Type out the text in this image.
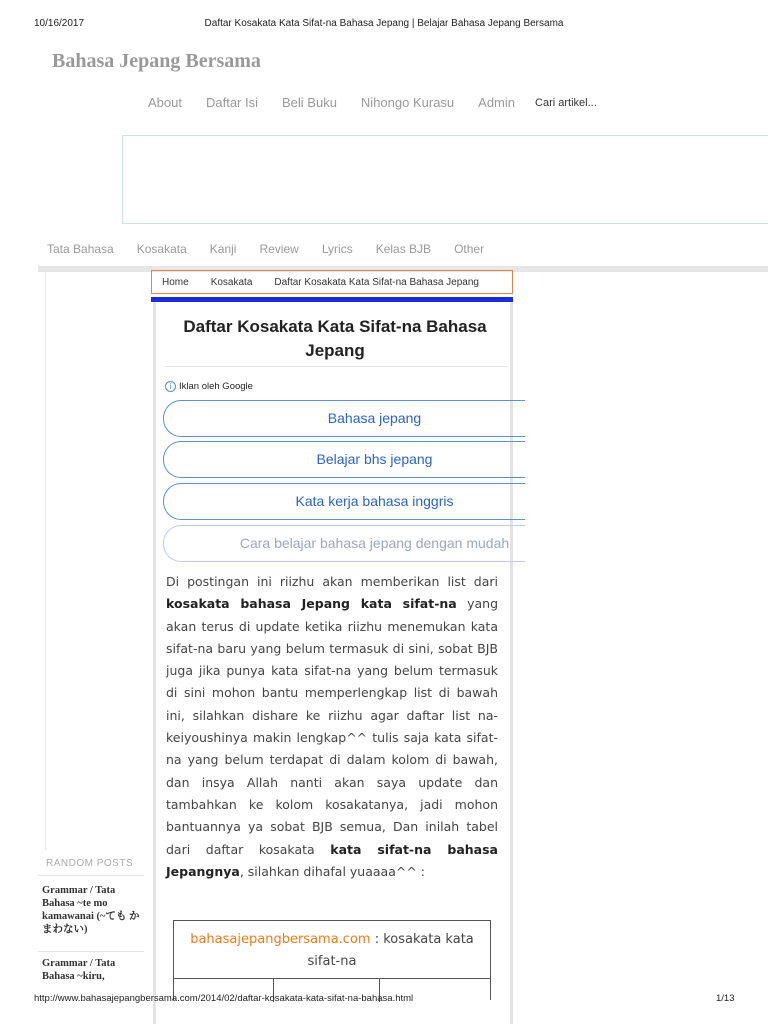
10/16/2017	Daftar Kosakata Kata Sifat-na Bahasa Jepang | Belajar Bahasa Jepang Bersama
Bahasa Jepang Bersama
About Daftar Isi Beli Buku Nihongo Kurasu Admin Cari artikel...
Tata Bahasa Kosakata Kanji Review Lyrics Kelas BJB Other
Home Kosakata Daftar Kosakata Kata Sifat-na Bahasa Jepang
Daftar Kosakata Kata Sifat-na Bahasa Jepang
i Iklan oleh Google
Bahasa jepang
Belajar bhs jepang
Kata kerja bahasa inggris
Cara belajar bahasa jepang dengan mudah
Di postingan ini riizhu akan memberikan list dari kosakata bahasa Jepang kata sifat-na yang akan terus di update ketika riizhu menemukan kata sifat-na baru yang belum termasuk di sini, sobat BJB juga jika punya kata sifat-na yang belum termasuk di sini mohon bantu memperlengkap list di bawah ini, silahkan dishare ke riizhu agar daftar list na-keiyoushinya makin lengkap^^ tulis saja kata sifat-na yang belum terdapat di dalam kolom di bawah, dan insya Allah nanti akan saya update dan tambahkan ke kolom kosakatanya, jadi mohon bantuannya ya sobat BJB semua, Dan inilah tabel dari daftar kosakata kata sifat-na bahasa Jepangnya, silahkan dihafal yuaaaa^^ :
bahasajepangbersama.com : kosakata kata sifat-na
RANDOM POSTS
Grammar / Tata Bahasa ~te mo kamawanai (~ても かまわない)
Grammar / Tata Bahasa ~kiru,
http://www.bahasajepangbersama.com/2014/02/daftar-kosakata-kata-sifat-na-bahasa.html	1/13
